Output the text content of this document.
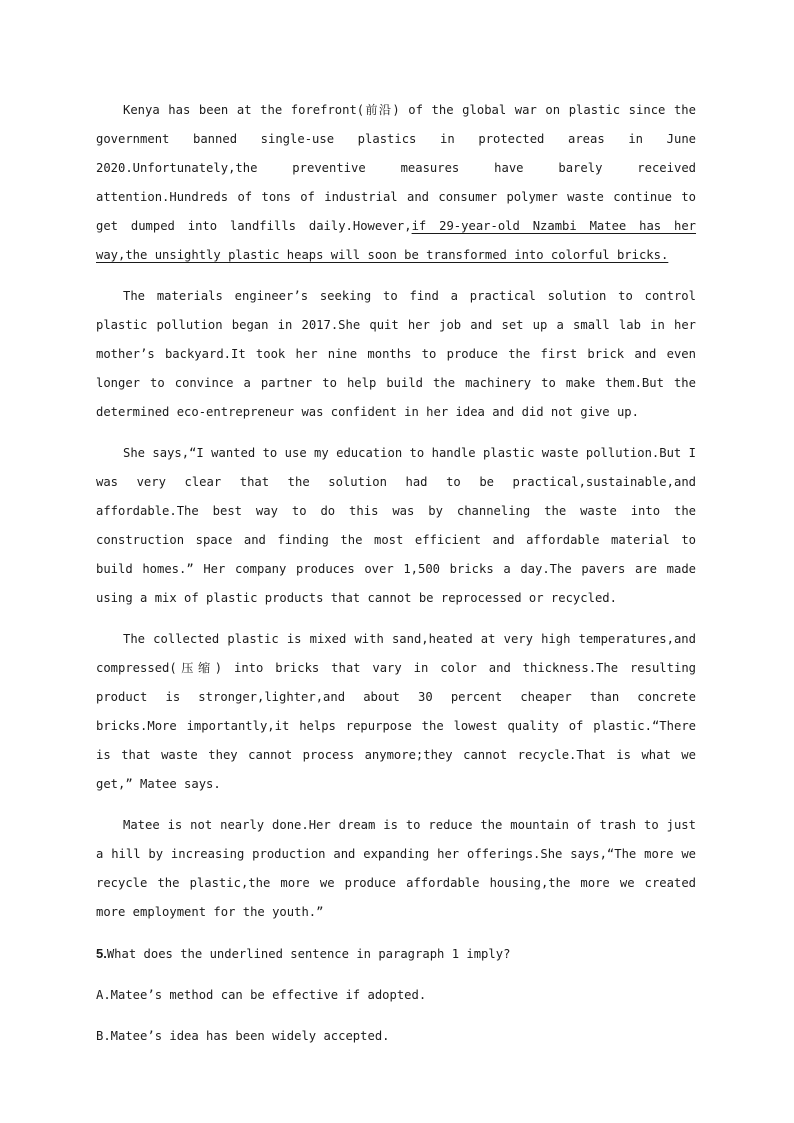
Kenya has been at the forefront(前沿) of the global war on plastic since the government banned single-use plastics in protected areas in June 2020.Unfortunately,the preventive measures have barely received attention.Hundreds of tons of industrial and consumer polymer waste continue to get dumped into landfills daily.However,if 29-year-old Nzambi Matee has her way,the unsightly plastic heaps will soon be transformed into colorful bricks.

The materials engineer’s seeking to find a practical solution to control plastic pollution began in 2017.She quit her job and set up a small lab in her mother’s backyard.It took her nine months to produce the first brick and even longer to convince a partner to help build the machinery to make them.But the determined eco-entrepreneur was confident in her idea and did not give up.

She says,“I wanted to use my education to handle plastic waste pollution.But I was very clear that the solution had to be practical,sustainable,and affordable.The best way to do this was by channeling the waste into the construction space and finding the most efficient and affordable material to build homes.” Her company produces over 1,500 bricks a day.The pavers are made using a mix of plastic products that cannot be reprocessed or recycled.

The collected plastic is mixed with sand,heated at very high temperatures,and compressed(压缩) into bricks that vary in color and thickness.The resulting product is stronger,lighter,and about 30 percent cheaper than concrete bricks.More importantly,it helps repurpose the lowest quality of plastic.“There is that waste they cannot process anymore;they cannot recycle.That is what we get,” Matee says.

Matee is not nearly done.Her dream is to reduce the mountain of trash to just a hill by increasing production and expanding her offerings.She says,“The more we recycle the plastic,the more we produce affordable housing,the more we created more employment for the youth.”

5.What does the underlined sentence in paragraph 1 imply?

A.Matee’s method can be effective if adopted.

B.Matee’s idea has been widely accepted.
